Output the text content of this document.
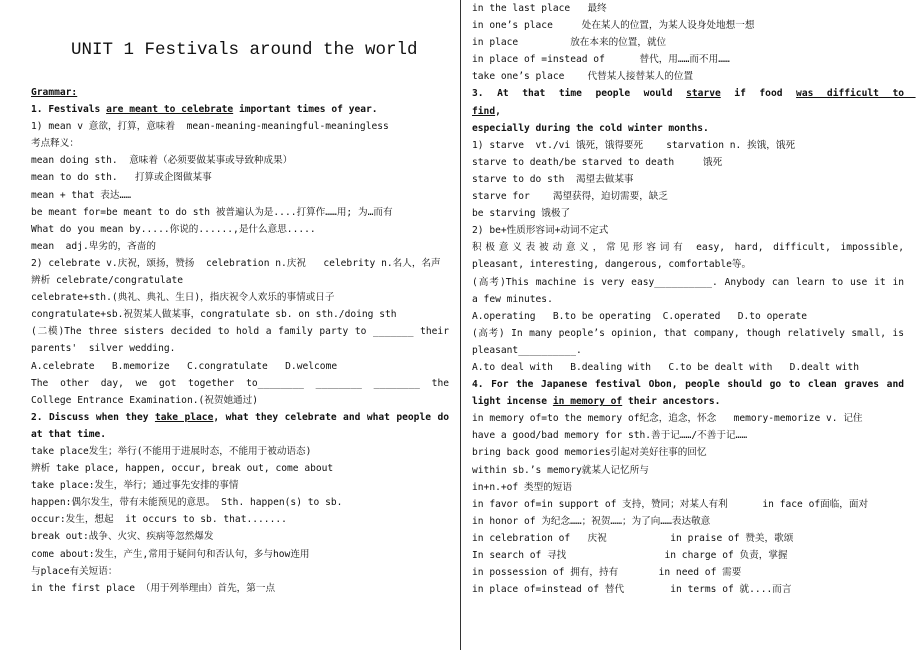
UNIT 1 Festivals around the world

Grammar:

1. Festivals are meant to celebrate important times of year.

1) mean v 意欲，打算，意味着  mean-meaning-meaningful-meaningless

考点释义：

mean doing sth.  意味着（必须要做某事或导致种成果）

mean to do sth.   打算或企图做某事

mean + that 表达……

be meant for=be meant to do sth 被普遍认为是....打算作……用; 为…而有

What do you mean by.....你说的......,是什么意思.....

mean  adj.卑劣的，吝啬的

2) celebrate v.庆祝，颂扬，赞扬  celebration n.庆祝   celebrity n.名人，名声

辨析 celebrate/congratulate

celebrate+sth.(典礼、典礼、生日)，指庆祝令人欢乐的事情或日子

congratulate+sb.祝贺某人做某事，congratulate sb. on sth./doing sth

(二模)The three sisters decided to hold a family party to _______ their

parents'  silver wedding.

A.celebrate   B.memorize   C.congratulate   D.welcome

The  other  day,  we  got  together  to________  ________  ________  the

College Entrance Examination.(祝贺她通过)

2. Discuss when they take place, what they celebrate and what people do

at that time.

take place发生；举行(不能用于进展时态，不能用于被动语态)

辨析 take place, happen, occur, break out, come about

take place:发生，举行；通过事先安排的事情

happen:偶尔发生，带有未能预见的意思。 Sth. happen(s) to sb.

occur:发生，想起  it occurs to sb. that.......

break out:战争、火灾、疾病等忽然爆发

come about:发生，产生,常用于疑问句和否认句，多与how连用

与place有关短语：

in the first place （用于列举理由）首先，第一点

in the last place   最终

in one’s place     处在某人的位置，为某人设身处地想一想

in place         放在本来的位置，就位

in place of =instead of      替代，用……而不用……

take one’s place    代替某人接替某人的位置

3.  At  that  time  people  would  starve  if  food  was  difficult  to  find,

especially during the cold winter months.

1) starve  vt./vi 饿死，饿得要死    starvation n. 挨饿，饿死

starve to death/be starved to death     饿死

starve to do sth  渴望去做某事

starve for    渴望获得，迫切需要，缺乏

be starving 饿极了

2) be+性质形容词+动词不定式

积极意义表被动意义，常见形容词有 easy, hard, difficult, impossible,

pleasant, interesting, dangerous, comfortable等。

(高考)This machine is very easy__________. Anybody can learn to use it in

a few minutes.

A.operating   B.to be operating  C.operated   D.to operate

(高考) In many people’s opinion, that company, though relatively small, is

pleasant__________.

A.to deal with   B.dealing with   C.to be dealt with   D.dealt with

4. For the Japanese festival Obon, people should go to clean graves and

light incense in memory of their ancestors.

in memory of=to the memory of纪念，追念，怀念   memory-memorize v. 记住

have a good/bad memory for sth.善于记……/不善于记……

bring back good memories引起对美好往事的回忆

within sb.’s memory就某人记忆所与

in+n.+of 类型的短语

in favor of=in support of 支持，赞同；对某人有利      in face of面临，面对

in honor of 为纪念……；祝贺……；为了向……表达敬意

in celebration of   庆祝           in praise of 赞美，歌颂

In search of 寻找                 in charge of 负责，掌握

in possession of 拥有，持有       in need of 需要

in place of=instead of 替代        in terms of 就....而言
